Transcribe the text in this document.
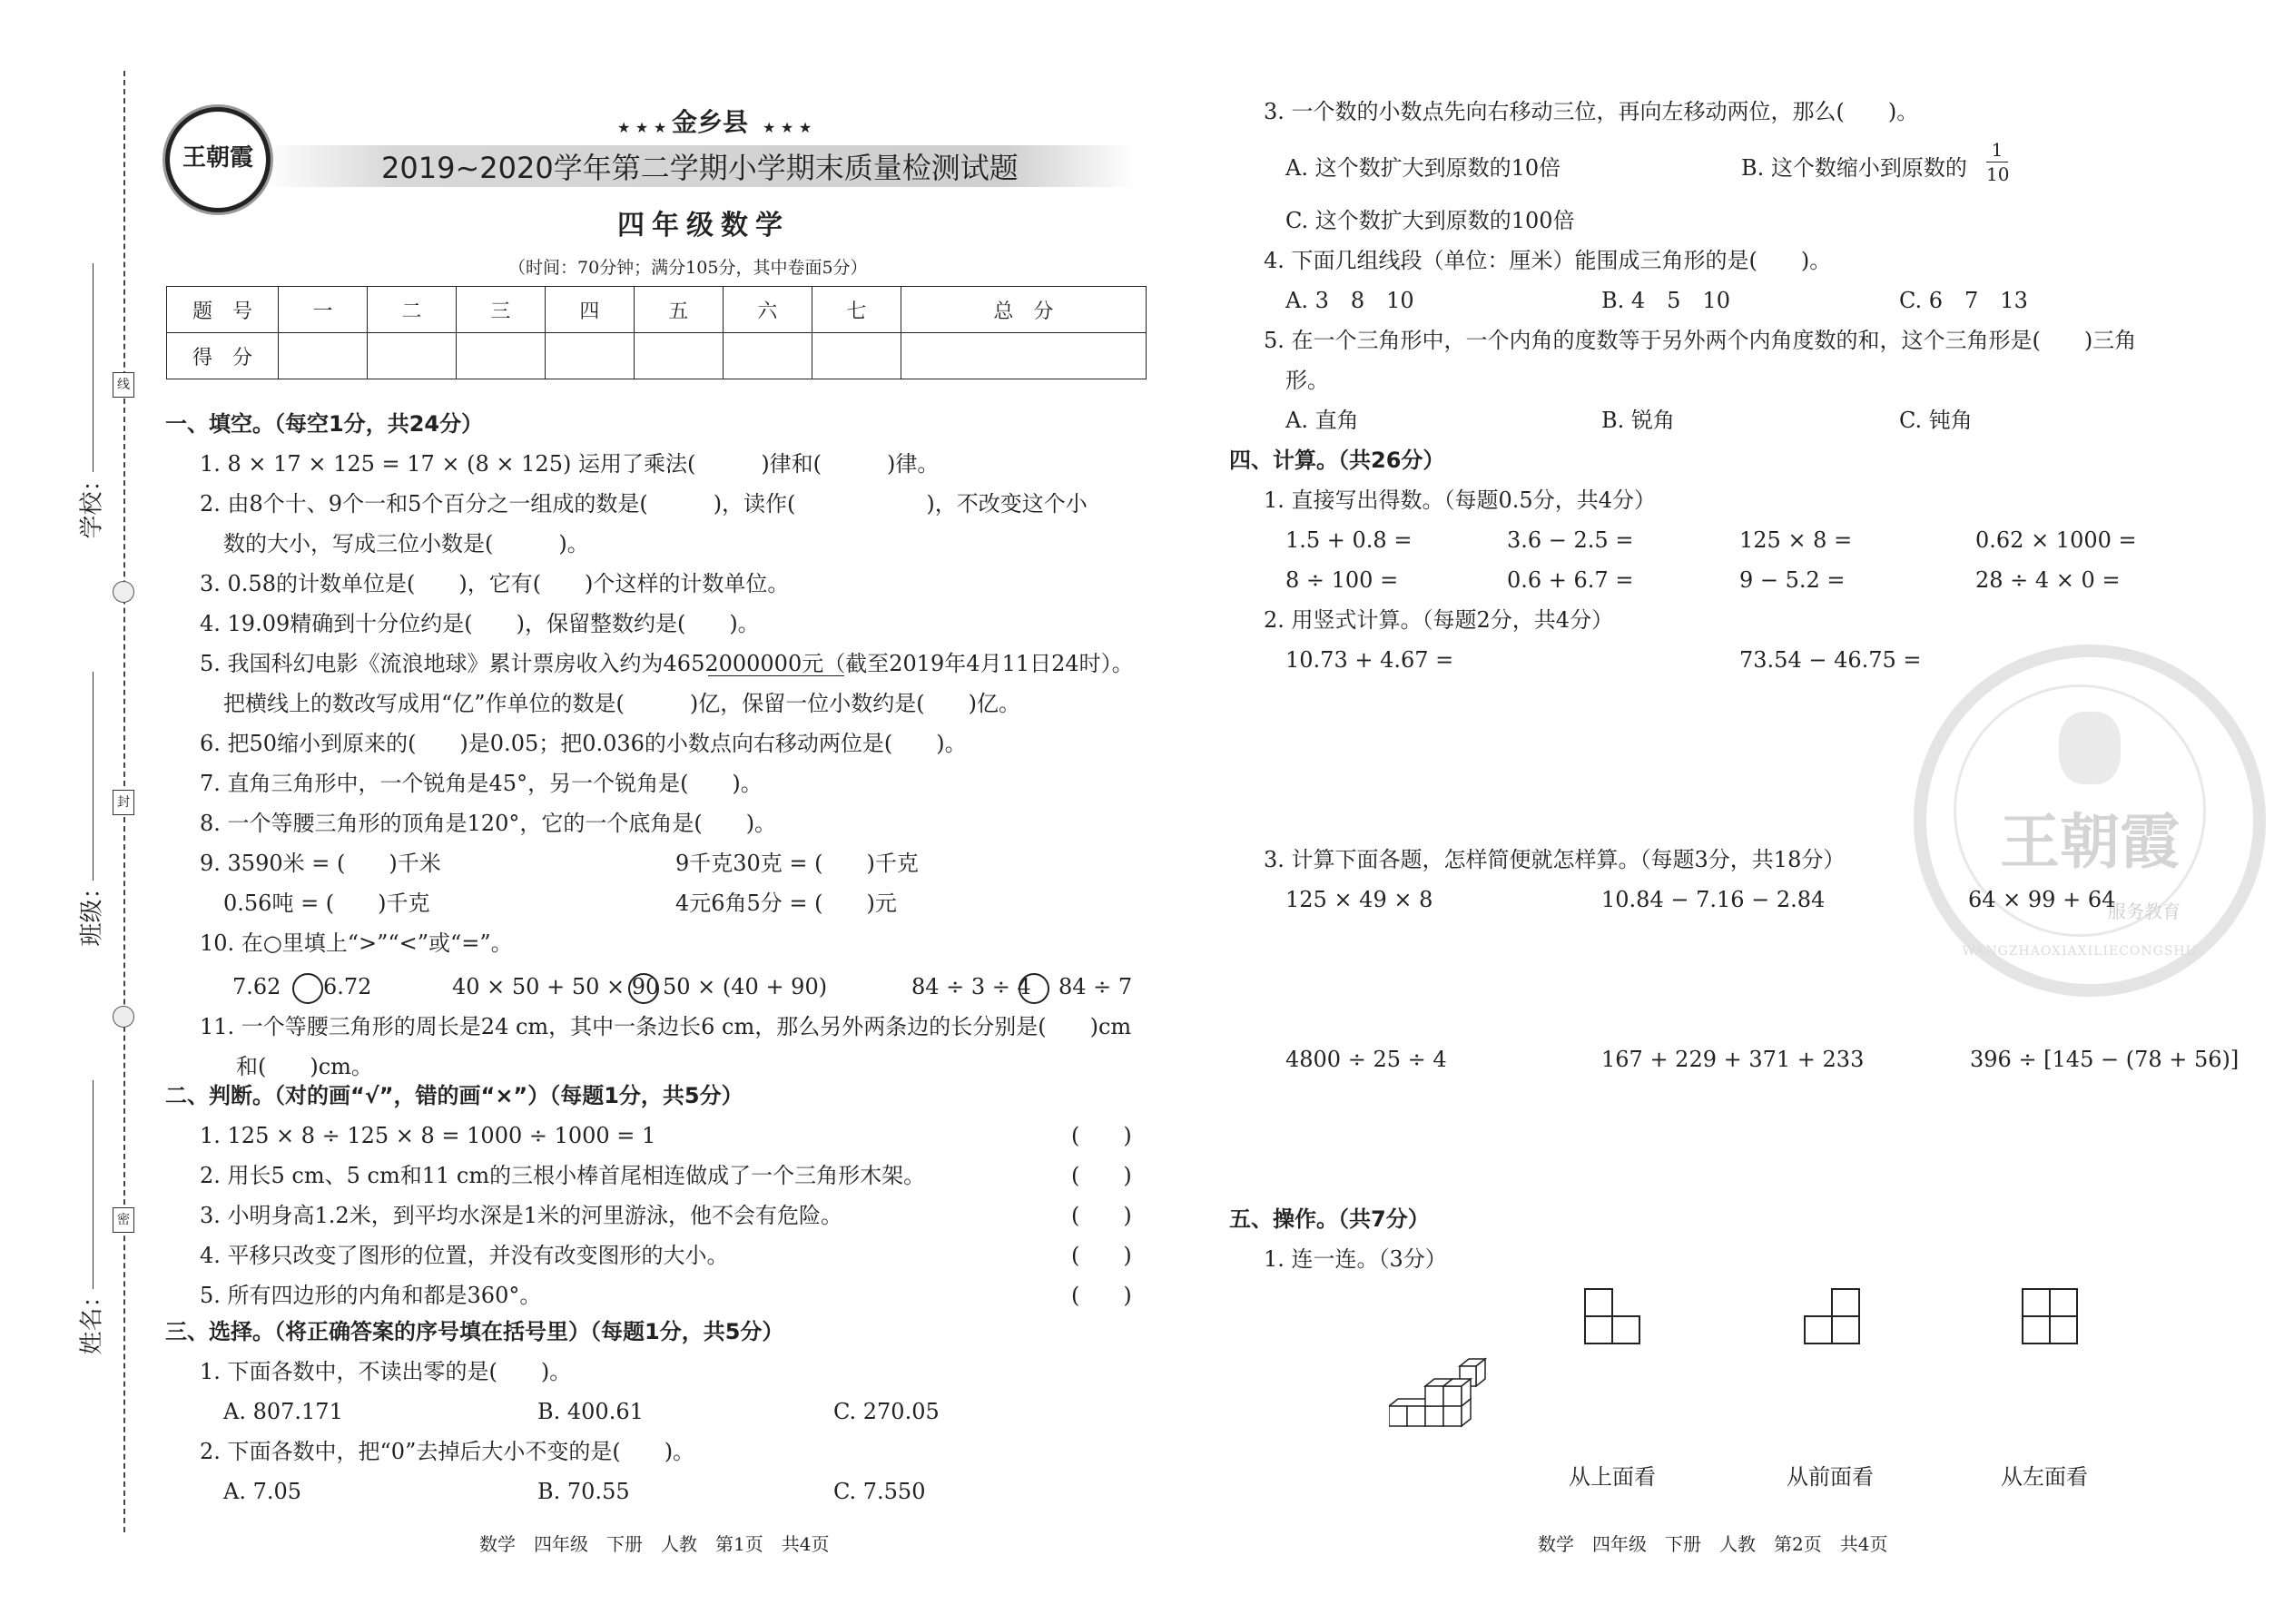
学校：
班级：
姓名：
线
封
密
王朝霞
★ ★ ★ 金乡县 ★ ★ ★
2019~2020学年第二学期小学期末质量检测试题
四年级数学
（时间：70分钟；满分105分，其中卷面5分）
题　号	一	二	三	四	五	六	七	总　分
得　分								
一、填空。（每空1分，共24分）
1. 8 × 17 × 125 = 17 × (8 × 125) 运用了乘法(　　　)律和(　　　)律。
2. 由8个十、9个一和5个百分之一组成的数是(　　　)，读作(　　　　　　)，不改变这个小
数的大小，写成三位小数是(　　　)。
3. 0.58的计数单位是(　　)，它有(　　)个这样的计数单位。
4. 19.09精确到十分位约是(　　)，保留整数约是(　　)。
5. 我国科幻电影《流浪地球》累计票房收入约为4652000000元（截至2019年4月11日24时）。
把横线上的数改写成用“亿”作单位的数是(　　　)亿，保留一位小数约是(　　)亿。
6. 把50缩小到原来的(　　)是0.05；把0.036的小数点向右移动两位是(　　)。
7. 直角三角形中，一个锐角是45°，另一个锐角是(　　)。
8. 一个等腰三角形的顶角是120°，它的一个底角是(　　)。
9. 3590米 = (　　)千米	9千克30克 = (　　)千克
0.56吨 = (　　)千克	4元6角5分 = (　　)元
10. 在○里填上“>”“<”或“=”。
7.62 6.72	40 × 50 + 50 × 90 50 × (40 + 90)	84 ÷ 3 ÷ 4 84 ÷ 7
11. 一个等腰三角形的周长是24 cm，其中一条边长6 cm，那么另外两条边的长分别是(　　)cm
和(　　)cm。
二、判断。（对的画“√”，错的画“×”）（每题1分，共5分）
1. 125 × 8 ÷ 125 × 8 = 1000 ÷ 1000 = 1	(　　)
2. 用长5 cm、5 cm和11 cm的三根小棒首尾相连做成了一个三角形木架。	(　　)
3. 小明身高1.2米，到平均水深是1米的河里游泳，他不会有危险。	(　　)
4. 平移只改变了图形的位置，并没有改变图形的大小。	(　　)
5. 所有四边形的内角和都是360°。	(　　)
三、选择。（将正确答案的序号填在括号里）（每题1分，共5分）
1. 下面各数中，不读出零的是(　　)。
A. 807.171	B. 400.61	C. 270.05
2. 下面各数中，把“0”去掉后大小不变的是(　　)。
A. 7.05	B. 70.55	C. 7.550
数学　四年级　下册　人教　第1页　共4页
王朝霞
服务教育
WANGZHAOXIAXILIECONGSHU
3. 一个数的小数点先向右移动三位，再向左移动两位，那么(　　)。
A. 这个数扩大到原数的10倍	B. 这个数缩小到原数的 $\frac{1}{10}$
C. 这个数扩大到原数的100倍
4. 下面几组线段（单位：厘米）能围成三角形的是(　　)。
A. 3　8　10	B. 4　5　10	C. 6　7　13
5. 在一个三角形中，一个内角的度数等于另外两个内角度数的和，这个三角形是(　　)三角
形。
A. 直角	B. 锐角	C. 钝角
四、计算。（共26分）
1. 直接写出得数。（每题0.5分，共4分）
1.5 + 0.8 =	3.6 − 2.5 =	125 × 8 =	0.62 × 1000 =
8 ÷ 100 =	0.6 + 6.7 =	9 − 5.2 =	28 ÷ 4 × 0 =
2. 用竖式计算。（每题2分，共4分）
10.73 + 4.67 =	73.54 − 46.75 =
3. 计算下面各题，怎样简便就怎样算。（每题3分，共18分）
125 × 49 × 8	10.84 − 7.16 − 2.84	64 × 99 + 64
4800 ÷ 25 ÷ 4	167 + 229 + 371 + 233	396 ÷ [145 − (78 + 56)]
五、操作。（共7分）
1. 连一连。（3分）
从上面看	从前面看	从左面看
数学　四年级　下册　人教　第2页　共4页
